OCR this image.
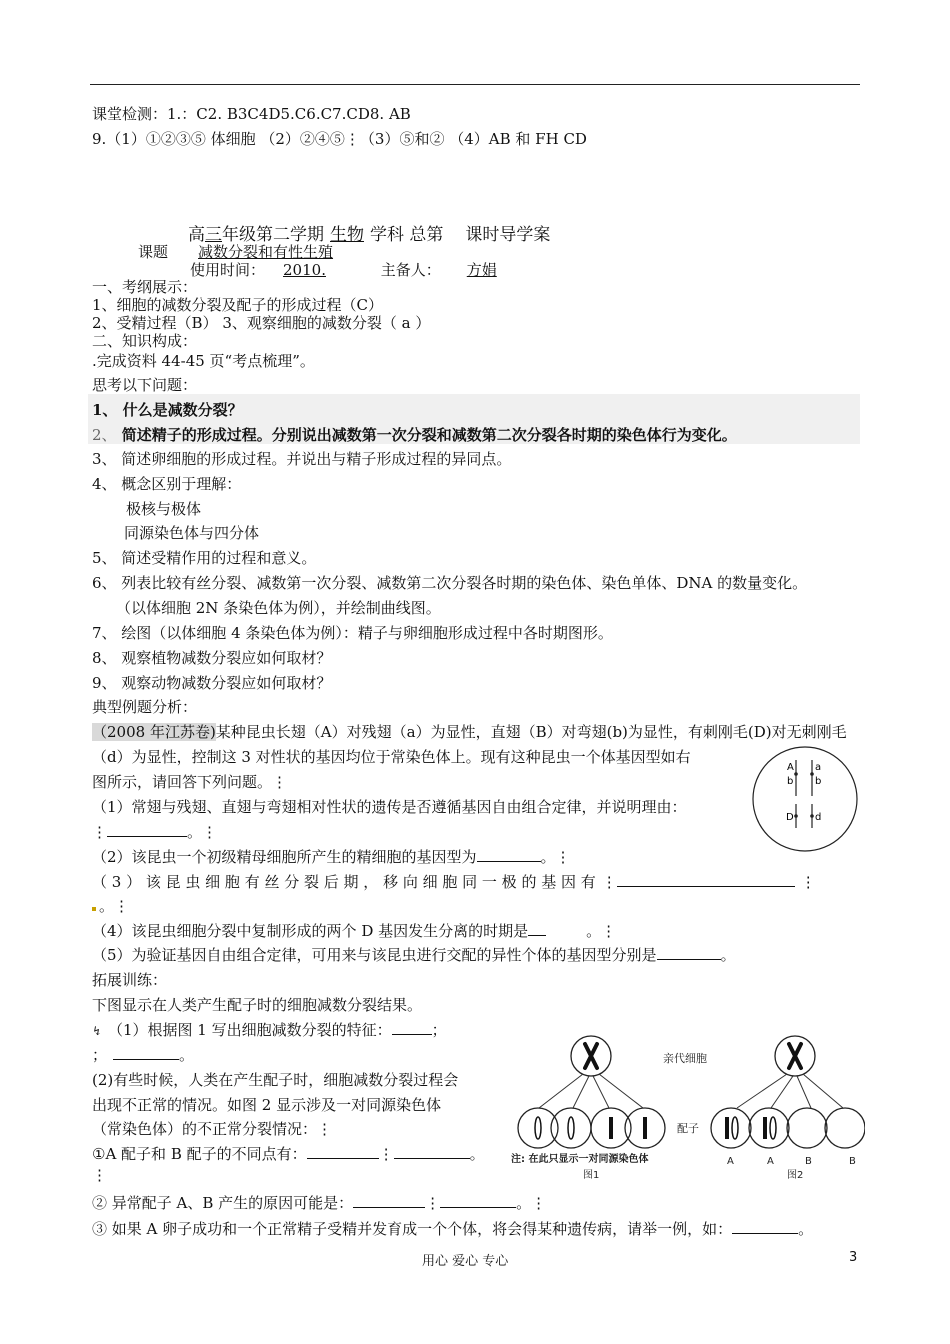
课堂检测：1.：C2. B3C4D5.C6.C7.CD8. AB
9.（1）①②③⑤ 体细胞 （2）②④⑤⋮（3）⑤和② （4）AB 和 FH CD
高三年级第二学期 生物 学科 总第 课时导学案
课题 减数分裂和有性生殖
使用时间： 2010.	主备人： 方娟
一、考纲展示：
1、细胞的减数分裂及配子的形成过程（C）
2、受精过程（B） 3、观察细胞的减数分裂（ a ）
二、知识构成：
.完成资料 44-45 页“考点梳理”。
思考以下问题：
1、 什么是减数分裂？
2、 简述精子的形成过程。分别说出减数第一次分裂和减数第二次分裂各时期的染色体行为变化。
3、 简述卵细胞的形成过程。并说出与精子形成过程的异同点。
4、 概念区别于理解：
极核与极体
同源染色体与四分体
5、 简述受精作用的过程和意义。
6、 列表比较有丝分裂、减数第一次分裂、减数第二次分裂各时期的染色体、染色单体、DNA 的数量变化。
（以体细胞 2N 条染色体为例），并绘制曲线图。
7、 绘图（以体细胞 4 条染色体为例）：精子与卵细胞形成过程中各时期图形。
8、 观察植物减数分裂应如何取材？
9、 观察动物减数分裂应如何取材？
典型例题分析：
（2008 年江苏卷)某种昆虫长翅（A）对残翅（a）为显性，直翅（B）对弯翅(b)为显性，有刺刚毛(D)对无刺刚毛
（d）为显性，控制这 3 对性状的基因均位于常染色体上。现有这种昆虫一个体基因型如右
图所示，请回答下列问题。⋮
A
b
D
a
b
d
（1）常翅与残翅、直翅与弯翅相对性状的遗传是否遵循基因自由组合定律，并说明理由：
⋮	。⋮
（2）该昆虫一个初级精母细胞所产生的精细胞的基因型为	。⋮
（ 3 ） 该 昆 虫 细 胞 有 丝 分 裂 后 期 ， 移 向 细 胞 同 一 极 的 基 因 有 ⋮	⋮
。⋮
（4）该昆虫细胞分裂中复制形成的两个 D 基因发生分离的时期是	。⋮
（5）为验证基因自由组合定律，可用来与该昆虫进行交配的异性个体的基因型分别是	。
拓展训练：
下图显示在人类产生配子时的细胞减数分裂结果。
↯ （1）根据图 1 写出细胞减数分裂的特征：	；
；	。
(2)有些时候，人类在产生配子时，细胞减数分裂过程会
出现不正常的情况。如图 2 显示涉及一对同源染色体
（常染色体）的不正常分裂情况：⋮
①A 配子和 B 配子的不同点有：	⋮	。
⋮
② 异常配子 A、B 产生的原因可能是：	⋮	。⋮
③ 如果 A 卵子成功和一个正常精子受精并发育成一个个体，将会得某种遗传病，请举一例，如：	。
亲代细胞
配子
注: 在此只显示一对同源染色体
图1
A	A	B	B
图2
用心 爱心 专心	3
